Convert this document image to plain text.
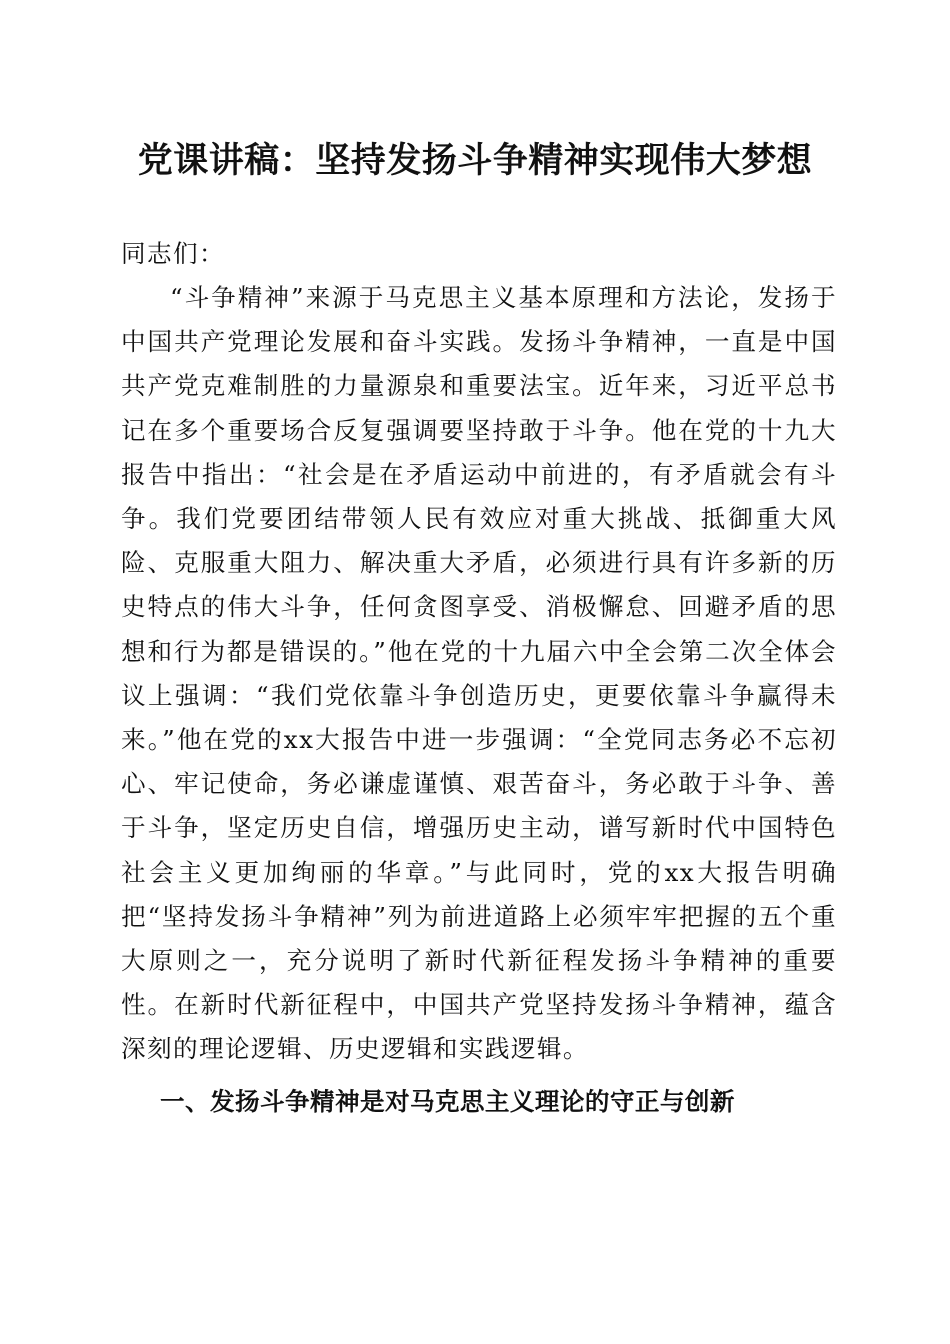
党课讲稿：坚持发扬斗争精神实现伟大梦想

同志们：

“斗争精神”来源于马克思主义基本原理和方法论，发扬于中国共产党理论发展和奋斗实践。发扬斗争精神，一直是中国共产党克难制胜的力量源泉和重要法宝。近年来，习近平总书记在多个重要场合反复强调要坚持敢于斗争。他在党的十九大报告中指出：“社会是在矛盾运动中前进的，有矛盾就会有斗争。我们党要团结带领人民有效应对重大挑战、抵御重大风险、克服重大阻力、解决重大矛盾，必须进行具有许多新的历史特点的伟大斗争，任何贪图享受、消极懈怠、回避矛盾的思想和行为都是错误的。”他在党的十九届六中全会第二次全体会议上强调：“我们党依靠斗争创造历史，更要依靠斗争赢得未来。”他在党的xx大报告中进一步强调：“全党同志务必不忘初心、牢记使命，务必谦虚谨慎、艰苦奋斗，务必敢于斗争、善于斗争，坚定历史自信，增强历史主动，谱写新时代中国特色社会主义更加绚丽的华章。”与此同时，党的xx大报告明确把“坚持发扬斗争精神”列为前进道路上必须牢牢把握的五个重大原则之一，充分说明了新时代新征程发扬斗争精神的重要性。在新时代新征程中，中国共产党坚持发扬斗争精神，蕴含深刻的理论逻辑、历史逻辑和实践逻辑。

一、发扬斗争精神是对马克思主义理论的守正与创新
